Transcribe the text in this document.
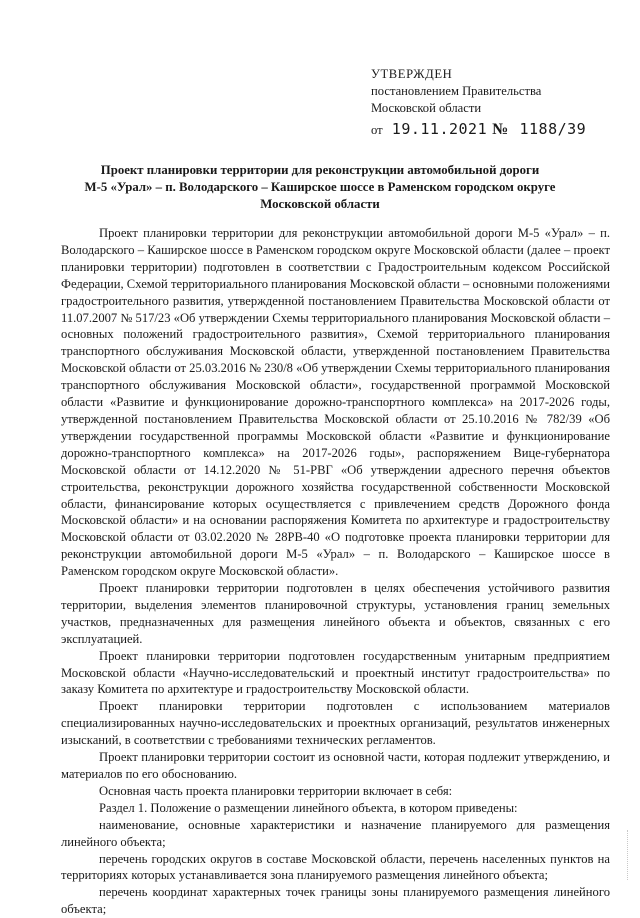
УТВЕРЖДЕН
постановлением Правительства
Московской области
от 19.11.2021 № 1188/39
Проект планировки территории для реконструкции автомобильной дороги
М-5 «Урал» – п. Володарского – Каширское шоссе в Раменском городском округе
Московской области

Проект планировки территории для реконструкции автомобильной дороги М-5 «Урал» – п. Володарского – Каширское шоссе в Раменском городском округе Московской области (далее – проект планировки территории) подготовлен в соответствии с Градостроительным кодексом Российской Федерации, Схемой территориального планирования Московской области – основными положениями градостроительного развития, утвержденной постановлением Правительства Московской области от 11.07.2007 № 517/23 «Об утверждении Схемы территориального планирования Московской области – основных положений градостроительного развития», Схемой территориального планирования транспортного обслуживания Московской области, утвержденной постановлением Правительства Московской области от 25.03.2016 № 230/8 «Об утверждении Схемы территориального планирования транспортного обслуживания Московской области», государственной программой Московской области «Развитие и функционирование дорожно-транспортного комплекса» на 2017-2026 годы, утвержденной постановлением Правительства Московской области от 25.10.2016 № 782/39 «Об утверждении государственной программы Московской области «Развитие и функционирование дорожно-транспортного комплекса» на 2017-2026 годы», распоряжением Вице-губернатора Московской области от 14.12.2020 № 51-РВГ «Об утверждении адресного перечня объектов строительства, реконструкции дорожного хозяйства государственной собственности Московской области, финансирование которых осуществляется с привлечением средств Дорожного фонда Московской области» и на основании распоряжения Комитета по архитектуре и градостроительству Московской области от 03.02.2020 № 28РВ-40 «О подготовке проекта планировки территории для реконструкции автомобильной дороги М-5 «Урал» – п. Володарского – Каширское шоссе в Раменском городском округе Московской области».

Проект планировки территории подготовлен в целях обеспечения устойчивого развития территории, выделения элементов планировочной структуры, установления границ земельных участков, предназначенных для размещения линейного объекта и объектов, связанных с его эксплуатацией.

Проект планировки территории подготовлен государственным унитарным предприятием Московской области «Научно-исследовательский и проектный институт градостроительства» по заказу Комитета по архитектуре и градостроительству Московской области.

Проект планировки территории подготовлен с использованием материалов специализированных научно-исследовательских и проектных организаций, результатов инженерных изысканий, в соответствии с требованиями технических регламентов.

Проект планировки территории состоит из основной части, которая подлежит утверждению, и материалов по его обоснованию.

Основная часть проекта планировки территории включает в себя:

Раздел 1. Положение о размещении линейного объекта, в котором приведены:

наименование, основные характеристики и назначение планируемого для размещения линейного объекта;

перечень городских округов в составе Московской области, перечень населенных пунктов на территориях которых устанавливается зона планируемого размещения линейного объекта;

перечень координат характерных точек границы зоны планируемого размещения линейного объекта;
